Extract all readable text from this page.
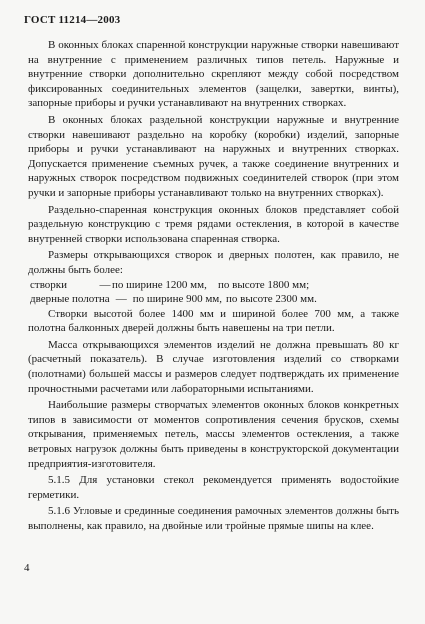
ГОСТ 11214—2003

В оконных блоках спаренной конструкции наружные створки навешивают на внутренние с применением различных типов петель. Наружные и внутренние створки дополнительно скрепляют между собой посредством фиксированных соединительных элементов (защелки, завертки, винты), запорные приборы и ручки устанавливают на внутренних створках.

В оконных блоках раздельной конструкции наружные и внутренние створки навешивают раздельно на коробку (коробки) изделий, запорные приборы и ручки устанавливают на наружных и внутренних створках. Допускается применение съемных ручек, а также соединение внутренних и наружных створок посредством подвижных соединителей створок (при этом ручки и запорные приборы устанавливают только на внутренних створках).

Раздельно-спаренная конструкция оконных блоков представляет собой раздельную конструкцию с тремя рядами остекления, в которой в качестве внутренней створки использована спаренная створка.

Размеры открывающихся створок и дверных полотен, как правило, не должны быть более:

створки	— по ширине 1200 мм,	по высоте 1800 мм;
дверные полотна — по ширине 900 мм, по высоте 2300 мм.

Створки высотой более 1400 мм и шириной более 700 мм, а также полотна балконных дверей должны быть навешены на три петли.

Масса открывающихся элементов изделий не должна превышать 80 кг (расчетный показатель). В случае изготовления изделий со створками (полотнами) большей массы и размеров следует подтверждать их применение прочностными расчетами или лабораторными испытаниями.

Наибольшие размеры створчатых элементов оконных блоков конкретных типов в зависимости от моментов сопротивления сечения брусков, схемы открывания, применяемых петель, массы элементов остекления, а также ветровых нагрузок должны быть приведены в конструкторской документации предприятия-изготовителя.

5.1.5 Для установки стекол рекомендуется применять водостойкие герметики.

5.1.6 Угловые и срединные соединения рамочных элементов должны быть выполнены, как правило, на двойные или тройные прямые шипы на клее.

4
